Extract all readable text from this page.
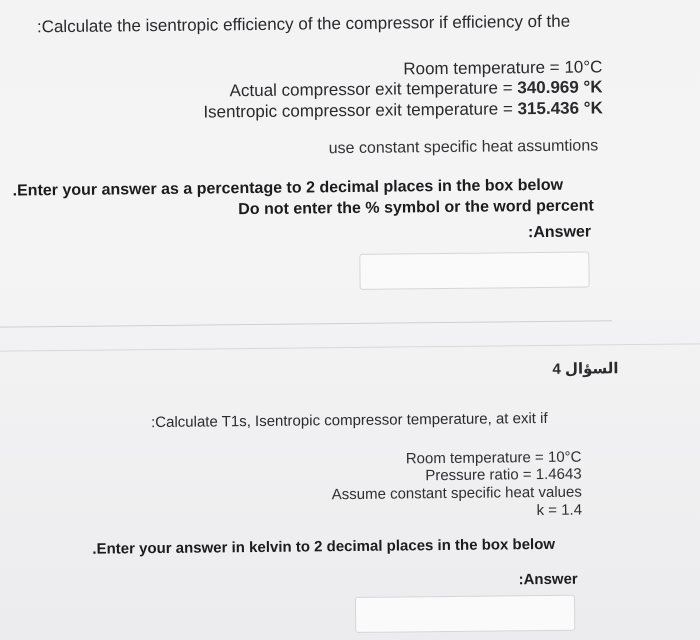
:Calculate the isentropic efficiency of the compressor if efficiency of the
Room temperature = 10°C
Actual compressor exit temperature = 340.969 °K
Isentropic compressor exit temperature = 315.436 °K
use constant specific heat assumtions
.Enter your answer as a percentage to 2 decimal places in the box below
Do not enter the % symbol or the word percent
:Answer
السؤال 4
:Calculate T1s, Isentropic compressor temperature, at exit if
Room temperature = 10°C
Pressure ratio = 1.4643
Assume constant specific heat values
k = 1.4
.Enter your answer in kelvin to 2 decimal places in the box below
:Answer
